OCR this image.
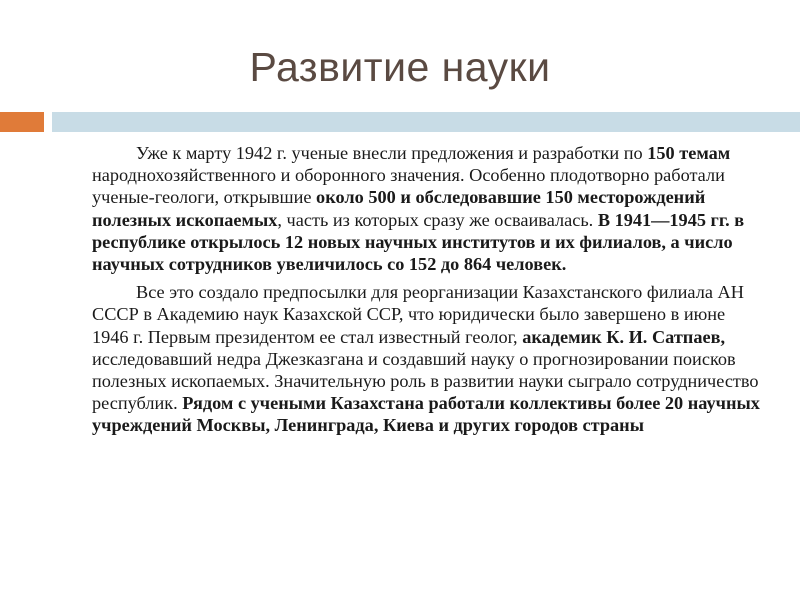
Развитие науки

Уже к марту 1942 г. ученые внесли предложения и разработки по 150 темам народнохозяйственного и оборонного значения. Особенно плодотворно работали ученые-геологи, открывшие около 500 и обследовавшие 150 месторождений полезных ископаемых, часть из которых сразу же осваивалась. В 1941—1945 гг. в республике открылось 12 новых научных институтов и их филиалов, а число научных сотрудников увеличилось со 152 до 864 человек.

Все это создало предпосылки для реорганизации Казахстанского филиала АН СССР в Академию наук Казахской ССР, что юридически было завершено в июне 1946 г. Первым президентом ее стал известный геолог, академик К. И. Сатпаев, исследовавший недра Джезказгана и создавший науку о прогнозировании поисков полезных ископаемых. Значительную роль в развитии науки сыграло сотрудничество республик. Рядом с учеными Казахстана работали коллективы более 20 научных учреждений Москвы, Ленинграда, Киева и других городов страны
